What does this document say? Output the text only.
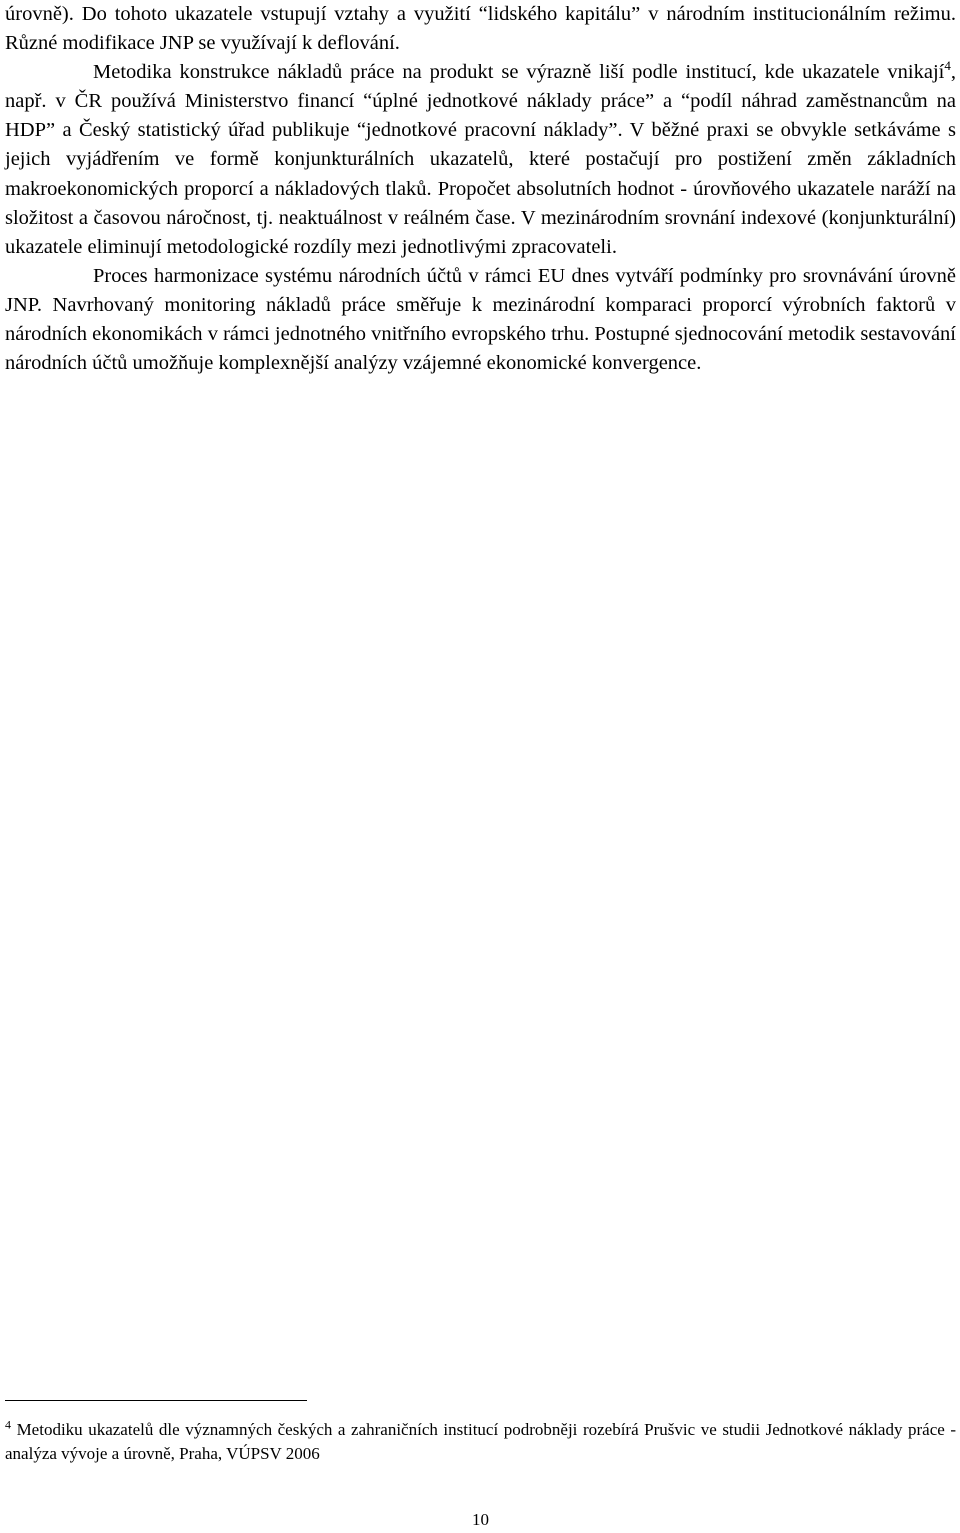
úrovně). Do tohoto ukazatele vstupují vztahy a využití “lidského kapitálu” v národním institucionálním režimu. Různé modifikace JNP se využívají k deflování.

Metodika konstrukce nákladů práce na produkt se výrazně liší podle institucí, kde ukazatele vnikají$^4$, např. v ČR používá Ministerstvo financí “úplné jednotkové náklady práce” a “podíl náhrad zaměstnancům na HDP” a Český statistický úřad publikuje “jednotkové pracovní náklady”. V běžné praxi se obvykle setkáváme s jejich vyjádřením ve formě konjunkturálních ukazatelů, které postačují pro postižení změn základních makroekonomických proporcí a nákladových tlaků. Propočet absolutních hodnot - úrovňového ukazatele naráží na složitost a časovou náročnost, tj. neaktuálnost v reálném čase. V mezinárodním srovnání indexové (konjunkturální) ukazatele eliminují metodologické rozdíly mezi jednotlivými zpracovateli.

Proces harmonizace systému národních účtů v rámci EU dnes vytváří podmínky pro srovnávání úrovně JNP. Navrhovaný monitoring nákladů práce směřuje k mezinárodní komparaci proporcí výrobních faktorů v národních ekonomikách v rámci jednotného vnitřního evropského trhu. Postupné sjednocování metodik sestavování národních účtů umožňuje komplexnější analýzy vzájemné ekonomické konvergence.

$^4$ Metodiku ukazatelů dle významných českých a zahraničních institucí podrobněji rozebírá Prušvic ve studii Jednotkové náklady práce - analýza vývoje a úrovně, Praha, VÚPSV 2006

10
